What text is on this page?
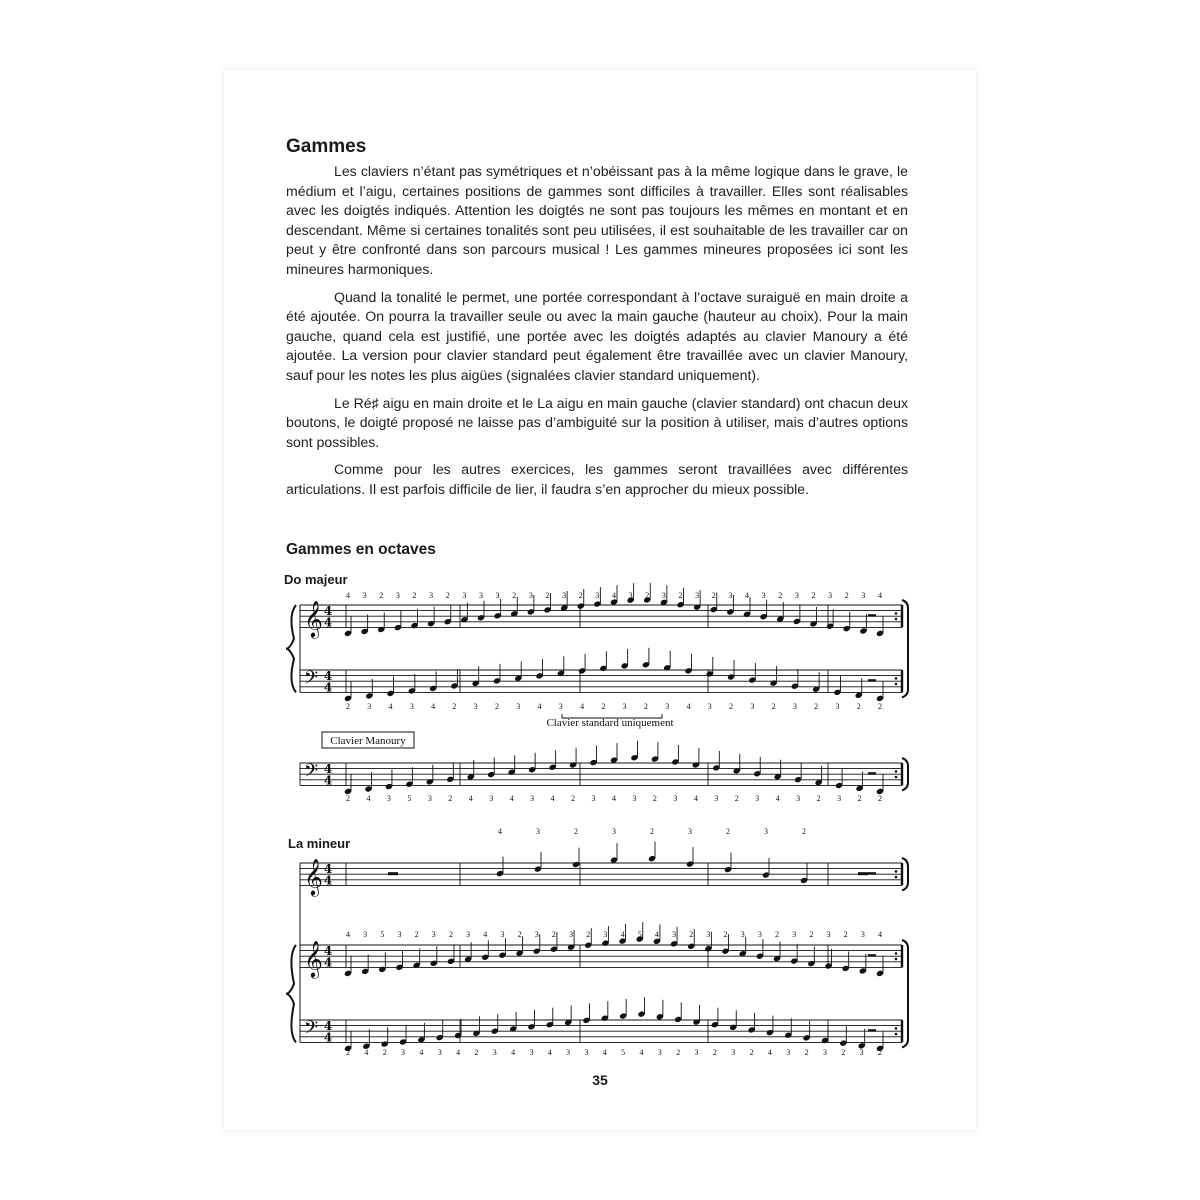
Gammes

Les claviers n’étant pas symétriques et n’obéissant pas à la même logique dans le grave, le médium et l’aigu, certaines positions de gammes sont difficiles à travailler. Elles sont réalisables avec les doigtés indiqués. Attention les doigtés ne sont pas toujours les mêmes en montant et en descendant. Même si certaines tonalités sont peu utilisées, il est souhaitable de les travailler car on peut y être confronté dans son parcours musical ! Les gammes mineures proposées ici sont les mineures harmoniques.

Quand la tonalité le permet, une portée correspondant à l’octave suraiguë en main droite a été ajoutée. On pourra la travailler seule ou avec la main gauche (hauteur au choix). Pour la main gauche, quand cela est justifié, une portée avec les doigtés adaptés au clavier Manoury a été ajoutée. La version pour clavier standard peut également être travaillée avec un clavier Manoury, sauf pour les notes les plus aigües (signalées clavier standard uniquement).

Le Ré♯ aigu en main droite et le La aigu en main gauche (clavier standard) ont chacun deux boutons, le doigté proposé ne laisse pas d’ambiguité sur la position à utiliser, mais d’autres options sont possibles.

Comme pour les autres exercices, les gammes seront travaillées avec différentes articulations. Il est parfois difficile de lier, il faudra s’en approcher du mieux possible.

Gammes en octaves
Do majeur
La mineur
𝄞 4
4
𝄢 4
4
𝄢 4
4
𝄞 4
4
𝄞 4
4
𝄢 4
4
4 3 2 3 2 3 2 3 3 3 2 3 2 3 2 3 4 3 2 3 2 3 2 3 4 3 2 3 2 3 2 3 4
2 3 4 3 4 2 3 2 3 4 3 4 2 3 2 3 4 3 2 3 2 3 2 3 2 2
2 4 3 5 3 2 4 3 4 3 4 2 3 4 3 2 3 4 3 2 3 4 3 2 3 2 2
4	3	2	3	2	3	2	3	2
4 3 5 3 2 3 2 3 4 3 2 3 2 3 2 3 4 5 4 3 2 3 2 3 3 2 3 2 3 2 3 4
2 4 2 3 4 3 4 2 3 4 3 4 3 3 4 5 4 3 2 3 2 3 2 4 3 2 3 2 3 2
Clavier standard uniquement
Clavier Manoury
35
